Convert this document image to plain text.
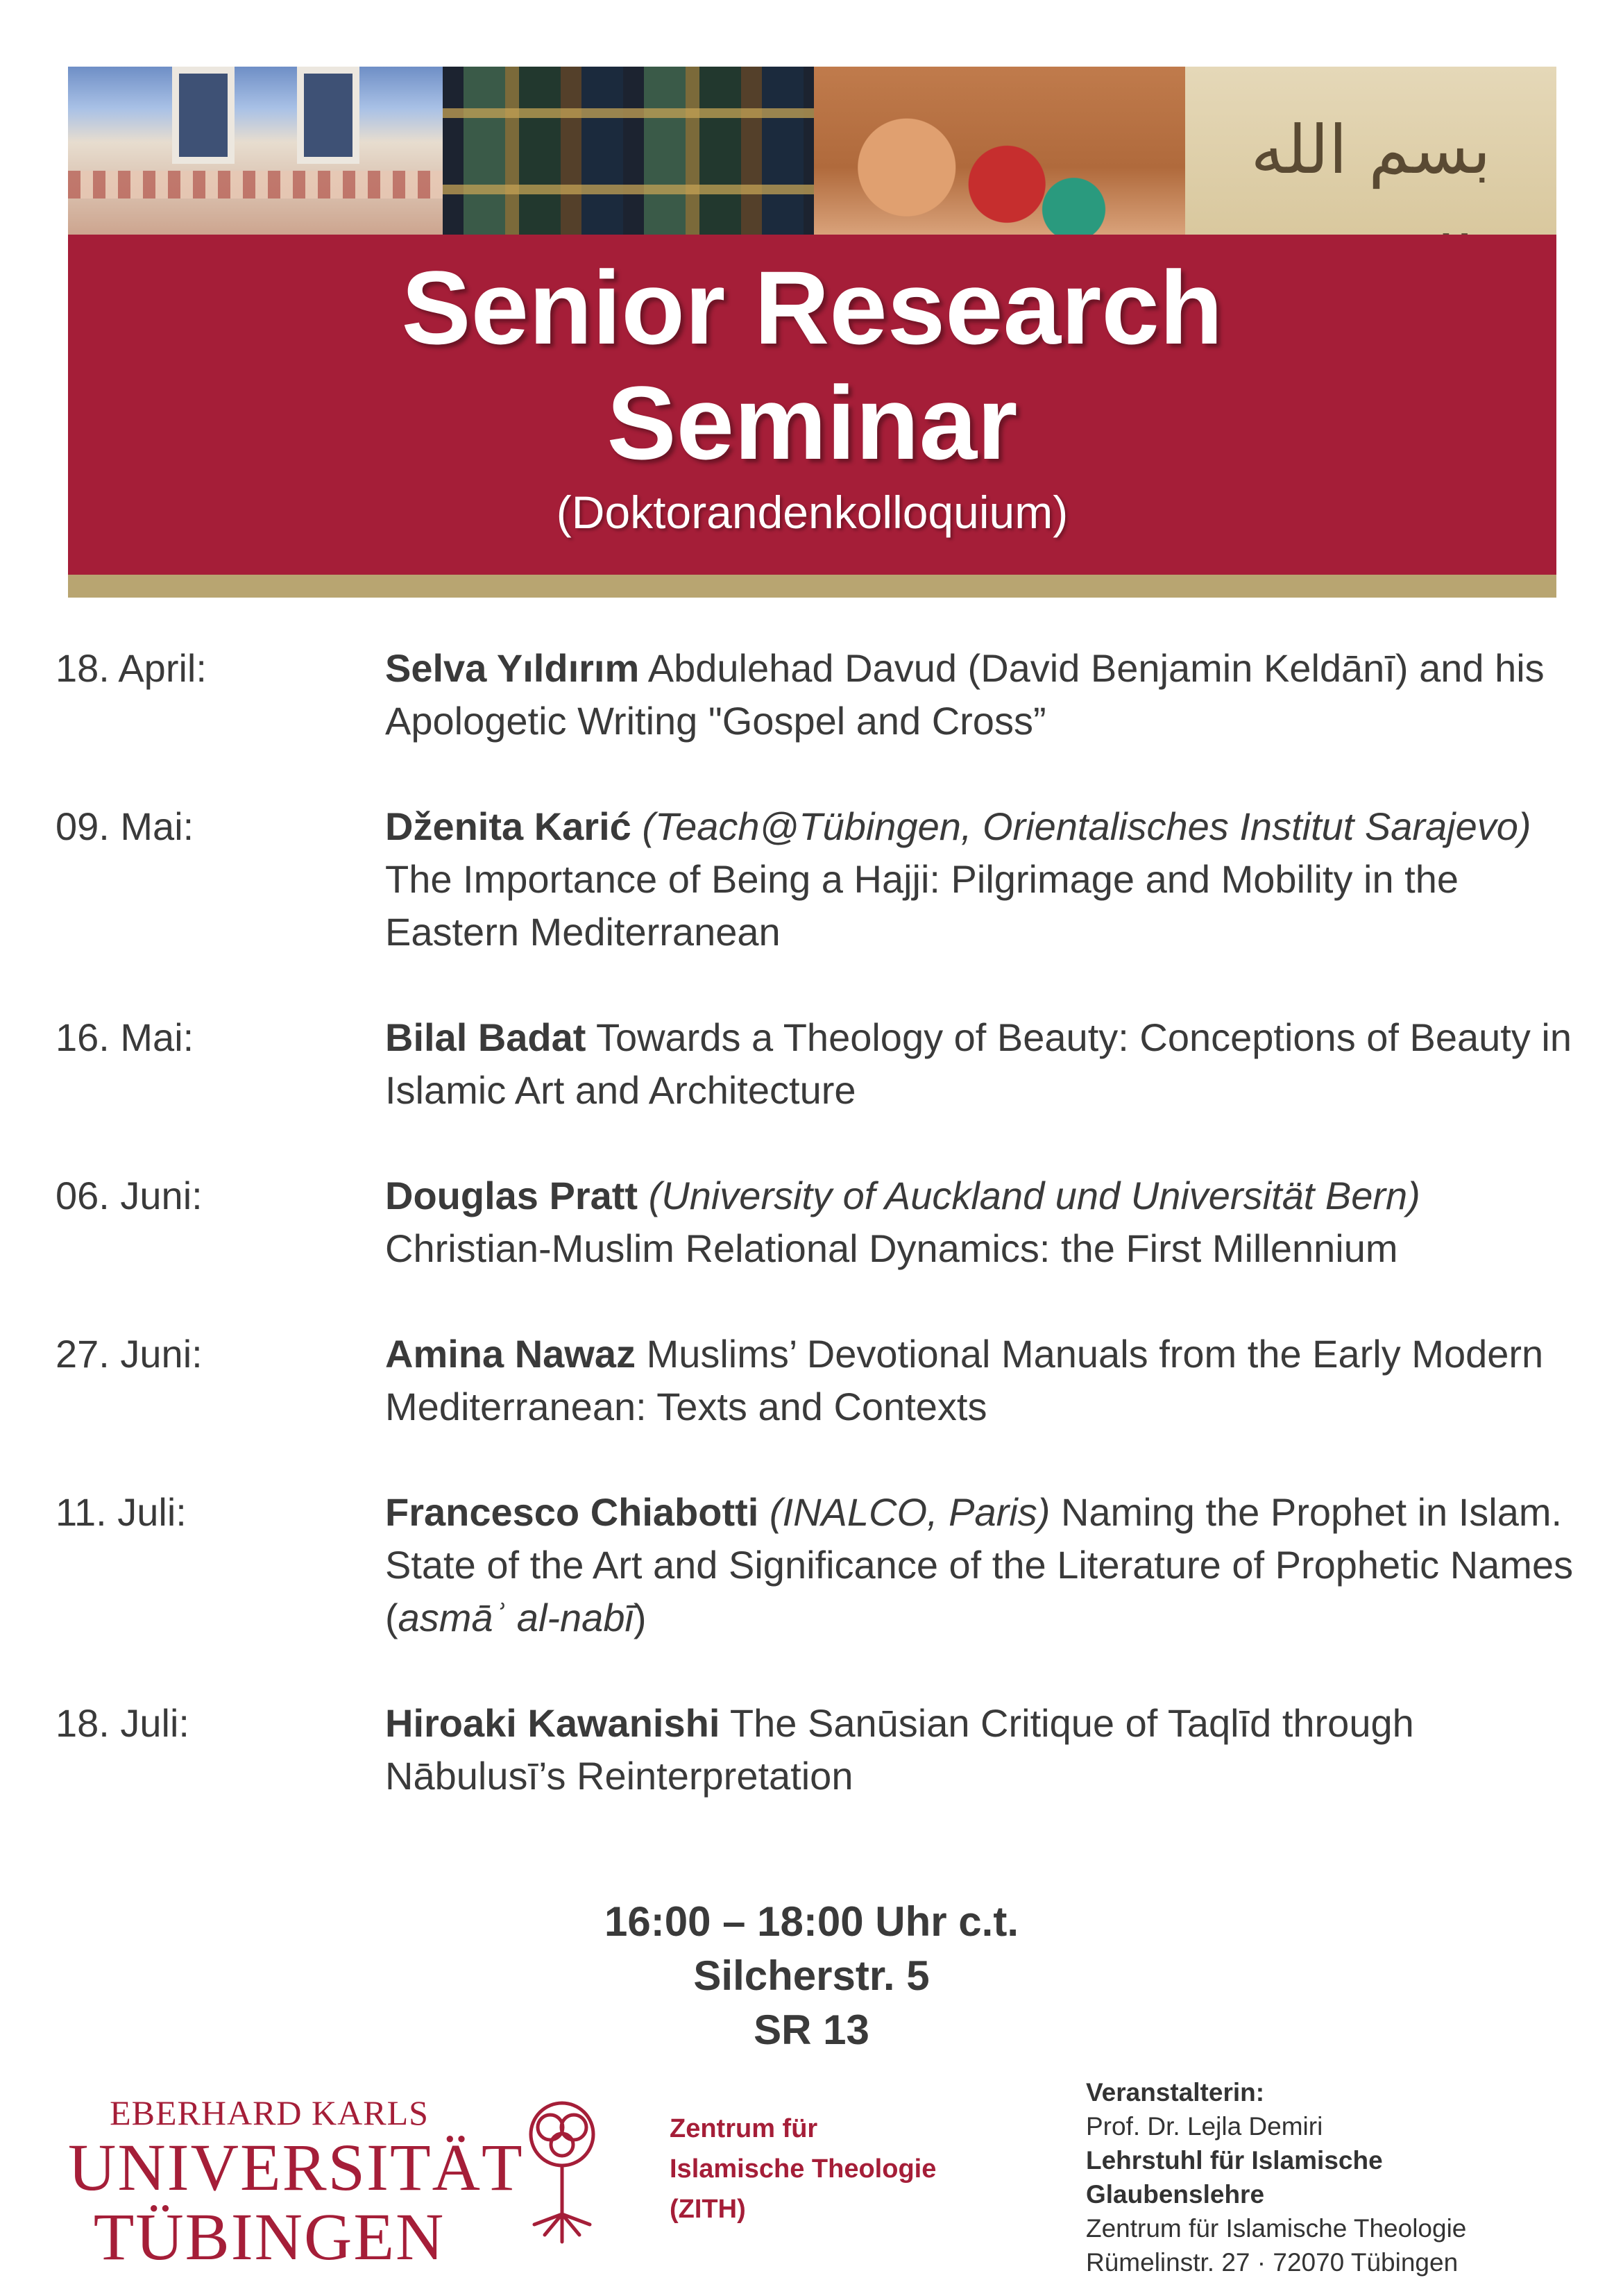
بسم الله
Senior Research
Seminar
(Doktorandenkolloquium)
18. April:	Selva Yıldırım Abdulehad Davud (David Benjamin Keldānī) and his Apologetic Writing "Gospel and Cross”
09. Mai:	Dženita Karić (Teach@Tübingen, Orientalisches Institut Sarajevo) The Importance of Being a Hajji: Pilgrimage and Mobility in the Eastern Mediterranean
16. Mai:	Bilal Badat Towards a Theology of Beauty: Conceptions of Beauty in Islamic Art and Architecture
06. Juni:	Douglas Pratt (University of Auckland und Universität Bern) Christian-Muslim Relational Dynamics: the First Millennium
27. Juni:	Amina Nawaz Muslims’ Devotional Manuals from the Early Modern Mediterranean: Texts and Contexts
11. Juli:	Francesco Chiabotti (INALCO, Paris) Naming the Prophet in Islam. State of the Art and Significance of the Literature of Prophetic Names (asmāʾ al-nabī)
18. Juli:	Hiroaki Kawanishi The Sanūsian Critique of Taqlīd through Nābulusī’s Reinterpretation
16:00 – 18:00 Uhr c.t.
Silcherstr. 5
SR 13
EBERHARD KARLS
UNIVERSITÄT
TÜBINGEN
Zentrum für
Islamische Theologie
(ZITH)
Veranstalterin:
Prof. Dr. Lejla Demiri
Lehrstuhl für Islamische
Glaubenslehre
Zentrum für Islamische Theologie
Rümelinstr. 27 · 72070 Tübingen
